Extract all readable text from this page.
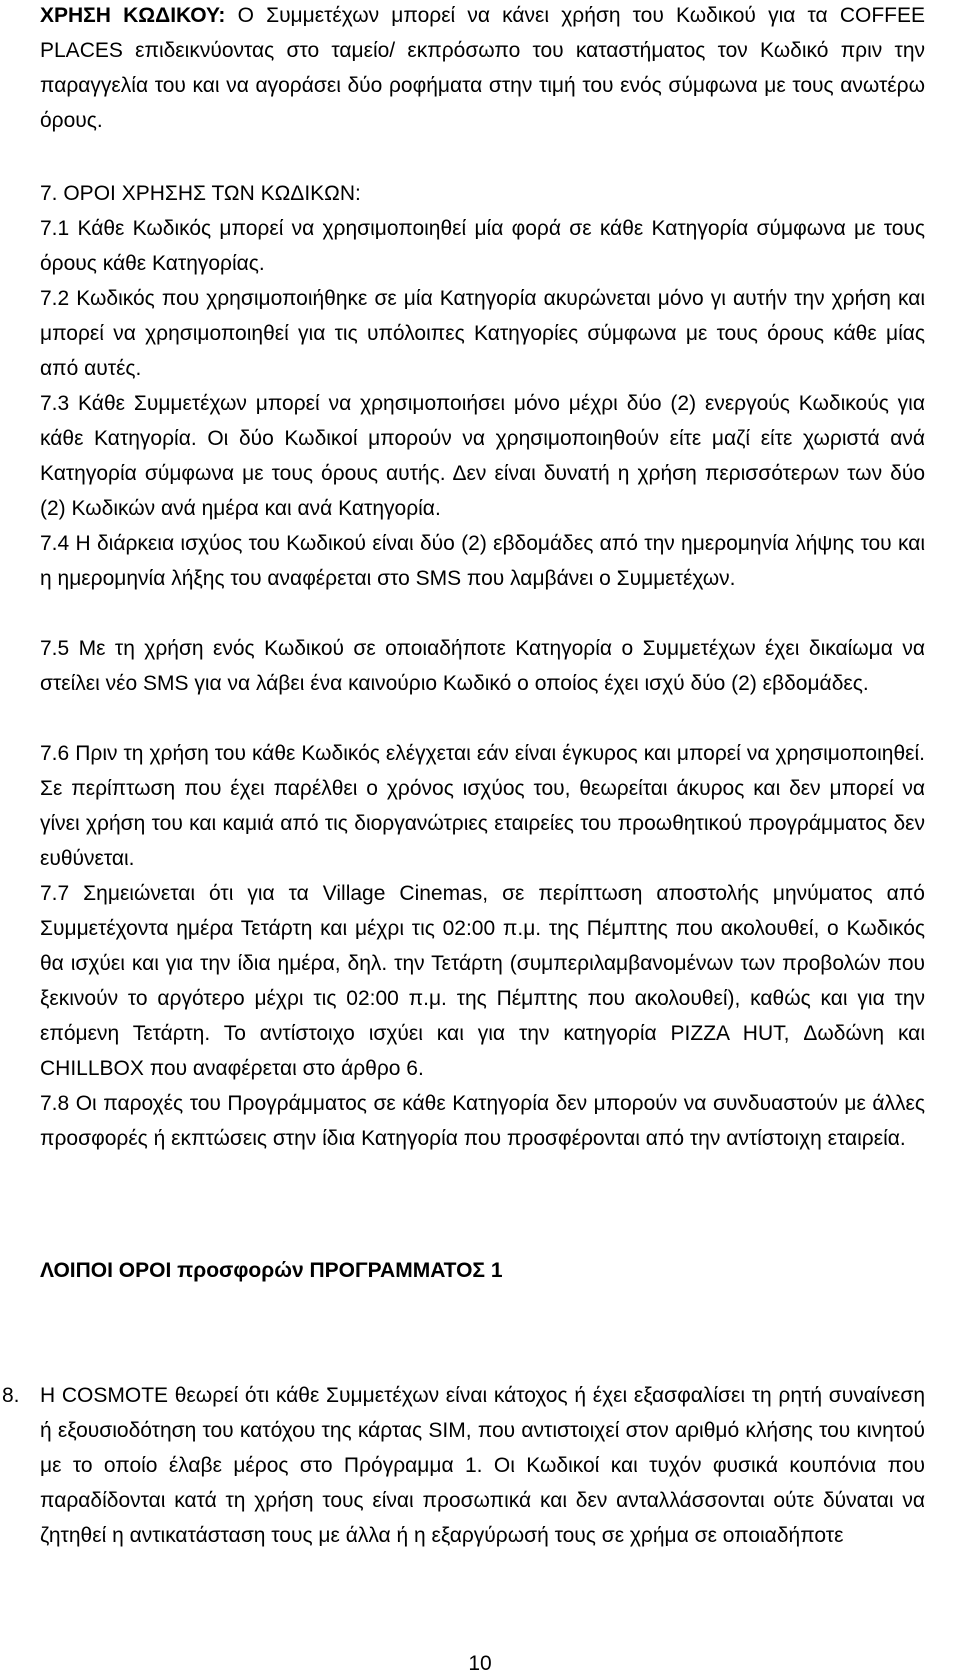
ΧΡΗΣΗ ΚΩΔΙΚΟΥ: Ο Συμμετέχων μπορεί να κάνει χρήση του Κωδικού για τα COFFEE PLACES επιδεικνύοντας στο ταμείο/ εκπρόσωπο του καταστήματος τον Κωδικό πριν την παραγγελία του και να αγοράσει δύο ροφήματα στην τιμή του ενός σύμφωνα με τους ανωτέρω όρους.
7. ΟΡΟΙ ΧΡΗΣΗΣ ΤΩΝ ΚΩΔΙΚΩΝ:
7.1 Κάθε Κωδικός μπορεί να χρησιμοποιηθεί μία φορά σε κάθε Κατηγορία σύμφωνα με τους όρους κάθε Κατηγορίας.
7.2 Κωδικός που χρησιμοποιήθηκε σε μία Κατηγορία ακυρώνεται μόνο γι αυτήν την χρήση και μπορεί να χρησιμοποιηθεί για τις υπόλοιπες Κατηγορίες σύμφωνα με τους όρους κάθε μίας από αυτές.
7.3 Κάθε Συμμετέχων μπορεί να χρησιμοποιήσει μόνο μέχρι δύο (2) ενεργούς Κωδικούς για κάθε Κατηγορία. Οι δύο Κωδικοί μπορούν να χρησιμοποιηθούν είτε μαζί είτε χωριστά ανά Κατηγορία σύμφωνα με τους όρους αυτής. Δεν είναι δυνατή η χρήση περισσότερων των δύο (2) Κωδικών ανά ημέρα και ανά Κατηγορία.
7.4 Η διάρκεια ισχύος του Κωδικού είναι δύο (2) εβδομάδες από την ημερομηνία λήψης του και η ημερομηνία λήξης του αναφέρεται στο SMS που λαμβάνει ο Συμμετέχων.
7.5 Με τη χρήση ενός Κωδικού σε οποιαδήποτε Κατηγορία ο Συμμετέχων έχει δικαίωμα να στείλει νέο SMS για να λάβει ένα καινούριο Κωδικό ο οποίος έχει ισχύ δύο (2) εβδομάδες.
7.6 Πριν τη χρήση του κάθε Κωδικός ελέγχεται εάν είναι έγκυρος και μπορεί να χρησιμοποιηθεί. Σε περίπτωση που έχει παρέλθει ο χρόνος ισχύος του, θεωρείται άκυρος και δεν μπορεί να γίνει χρήση του και καμιά από τις διοργανώτριες εταιρείες του προωθητικού προγράμματος δεν ευθύνεται.
7.7 Σημειώνεται ότι για τα Village Cinemas, σε περίπτωση αποστολής μηνύματος από Συμμετέχοντα ημέρα Τετάρτη και μέχρι τις 02:00 π.μ. της Πέμπτης που ακολουθεί, ο Κωδικός θα ισχύει και για την ίδια ημέρα, δηλ. την Τετάρτη (συμπεριλαμβανομένων των προβολών που ξεκινούν το αργότερο μέχρι τις 02:00 π.μ. της Πέμπτης που ακολουθεί), καθώς και για την επόμενη Τετάρτη. Το αντίστοιχο ισχύει και για την κατηγορία PIZZA HUT, Δωδώνη και CHILLBOX που αναφέρεται στο άρθρο 6.
7.8 Οι παροχές του Προγράμματος σε κάθε Κατηγορία δεν μπορούν να συνδυαστούν με άλλες προσφορές ή εκπτώσεις στην ίδια Κατηγορία που προσφέρονται από την αντίστοιχη εταιρεία.
ΛΟΙΠΟΙ ΟΡΟΙ προσφορών ΠΡΟΓΡΑΜΜΑΤΟΣ 1
8. Η COSMOTE θεωρεί ότι κάθε Συμμετέχων είναι κάτοχος ή έχει εξασφαλίσει τη ρητή συναίνεση ή εξουσιοδότηση του κατόχου της κάρτας SIM, που αντιστοιχεί στον αριθμό κλήσης του κινητού με το οποίο έλαβε μέρος στο Πρόγραμμα 1. Οι Κωδικοί και τυχόν φυσικά κουπόνια που παραδίδονται κατά τη χρήση τους είναι προσωπικά και δεν ανταλλάσσονται ούτε δύναται να ζητηθεί η αντικατάσταση τους με άλλα ή η εξαργύρωσή τους σε χρήμα σε οποιαδήποτε
10
